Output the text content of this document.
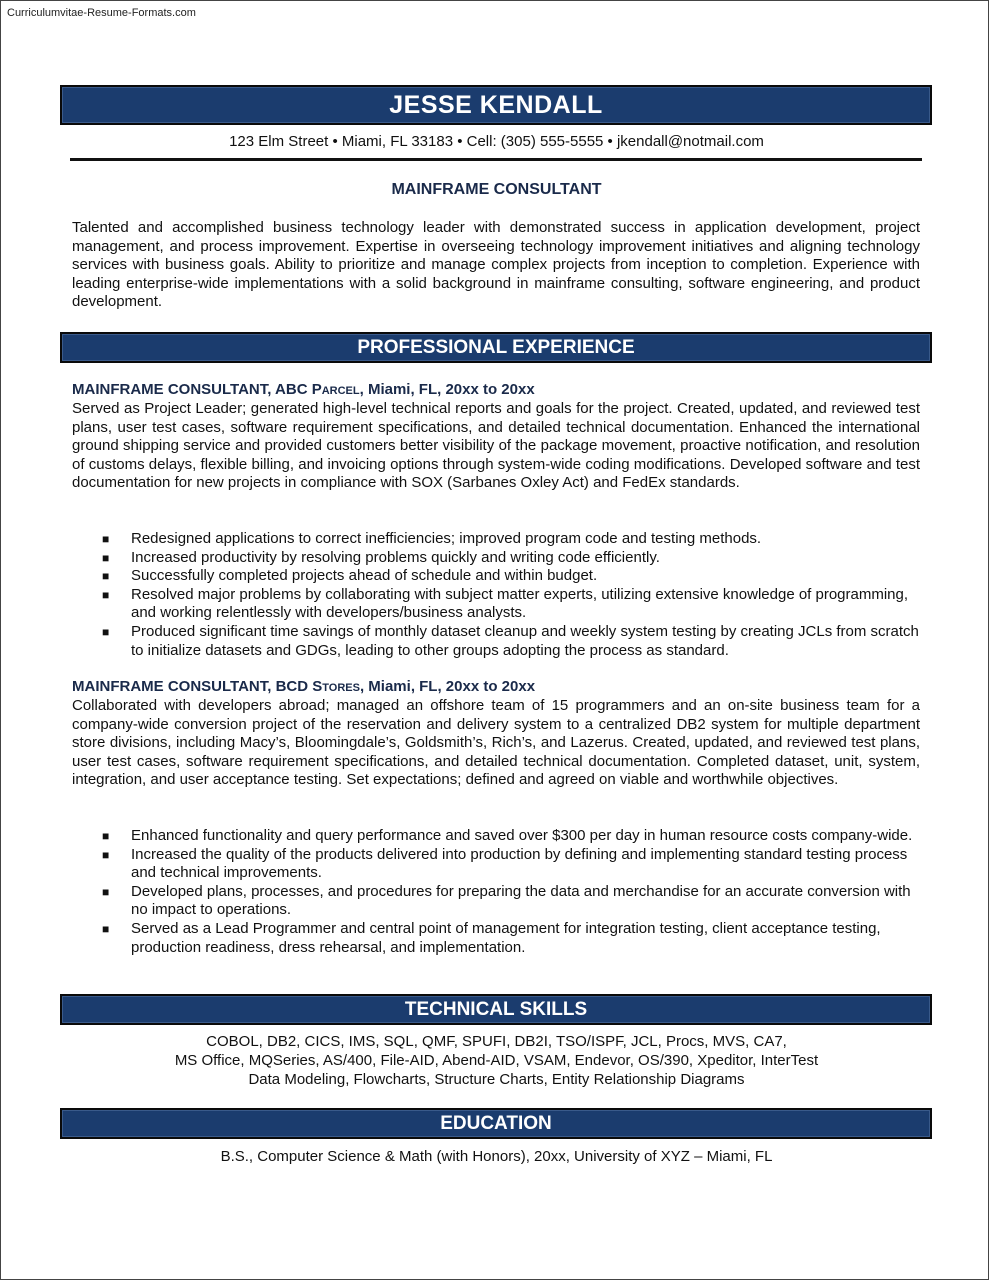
Curriculumvitae-Resume-Formats.com
JESSE KENDALL
123 Elm Street • Miami, FL 33183 • Cell: (305) 555-5555 • jkendall@notmail.com
MAINFRAME CONSULTANT
Talented and accomplished business technology leader with demonstrated success in application development, project management, and process improvement. Expertise in overseeing technology improvement initiatives and aligning technology services with business goals. Ability to prioritize and manage complex projects from inception to completion. Experience with leading enterprise-wide implementations with a solid background in mainframe consulting, software engineering, and product development.
PROFESSIONAL EXPERIENCE
MAINFRAME CONSULTANT, ABC Parcel, Miami, FL, 20xx to 20xx
Served as Project Leader; generated high-level technical reports and goals for the project. Created, updated, and reviewed test plans, user test cases, software requirement specifications, and detailed technical documentation. Enhanced the international ground shipping service and provided customers better visibility of the package movement, proactive notification, and resolution of customs delays, flexible billing, and invoicing options through system-wide coding modifications. Developed software and test documentation for new projects in compliance with SOX (Sarbanes Oxley Act) and FedEx standards.
■ Redesigned applications to correct inefficiencies; improved program code and testing methods.
■ Increased productivity by resolving problems quickly and writing code efficiently.
■ Successfully completed projects ahead of schedule and within budget.
■ Resolved major problems by collaborating with subject matter experts, utilizing extensive knowledge of programming, and working relentlessly with developers/business analysts.
■ Produced significant time savings of monthly dataset cleanup and weekly system testing by creating JCLs from scratch to initialize datasets and GDGs, leading to other groups adopting the process as standard.
MAINFRAME CONSULTANT, BCD Stores, Miami, FL, 20xx to 20xx
Collaborated with developers abroad; managed an offshore team of 15 programmers and an on-site business team for a company-wide conversion project of the reservation and delivery system to a centralized DB2 system for multiple department store divisions, including Macy’s, Bloomingdale’s, Goldsmith’s, Rich’s, and Lazerus. Created, updated, and reviewed test plans, user test cases, software requirement specifications, and detailed technical documentation. Completed dataset, unit, system, integration, and user acceptance testing. Set expectations; defined and agreed on viable and worthwhile objectives.
■ Enhanced functionality and query performance and saved over $300 per day in human resource costs company-wide.
■ Increased the quality of the products delivered into production by defining and implementing standard testing process and technical improvements.
■ Developed plans, processes, and procedures for preparing the data and merchandise for an accurate conversion with no impact to operations.
■ Served as a Lead Programmer and central point of management for integration testing, client acceptance testing, production readiness, dress rehearsal, and implementation.
TECHNICAL SKILLS
COBOL, DB2, CICS, IMS, SQL, QMF, SPUFI, DB2I, TSO/ISPF, JCL, Procs, MVS, CA7,
MS Office, MQSeries, AS/400, File-AID, Abend-AID, VSAM, Endevor, OS/390, Xpeditor, InterTest
Data Modeling, Flowcharts, Structure Charts, Entity Relationship Diagrams
EDUCATION
B.S., Computer Science & Math (with Honors), 20xx, University of XYZ – Miami, FL
